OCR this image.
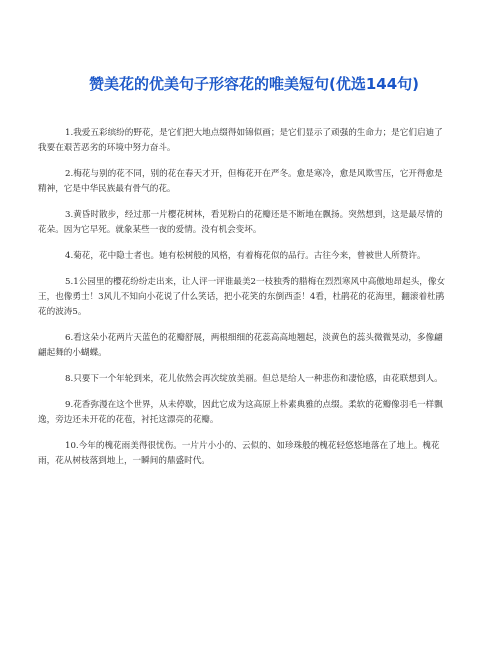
赞美花的优美句子形容花的唯美短句(优选144句)

1.我爱五彩缤纷的野花，是它们把大地点缀得如锦似画；是它们显示了顽强的生命力；是它们启迪了我要在艰苦恶劣的环境中努力奋斗。

2.梅花与别的花不同，别的花在春天才开，但梅花开在严冬。愈是寒冷，愈是风欺雪压，它开得愈是精神，它是中华民族最有骨气的花。

3.黄昏时散步，经过那一片樱花树林，看见粉白的花瓣还是不断地在飘扬。突然想到，这是最尽情的花朵。因为它早死。就象某些一夜的爱情。没有机会变坏。

4.菊花，花中隐士者也。她有松树般的风格，有着梅花似的品行。古往今来，曾被世人所赞许。

5.1公园里的樱花纷纷走出来，让人评一评谁最美2一枝独秀的腊梅在烈烈寒风中高傲地昂起头，像女王，也像勇士！3风儿不知向小花说了什么笑话，把小花笑的东倒西歪！4看，杜鹃花的花海里，翻滚着杜鹃花的波涛5。

6.看这朵小花两片天蓝色的花瓣舒展，两根细细的花蕊高高地翘起，淡黄色的蕊头微微晃动，多像翩翩起舞的小蝴蝶。

8.只要下一个年轮到来，花儿依然会再次绽放美丽。但总是给人一种悲伤和凄怆感，由花联想到人。

9.花香弥漫在这个世界，从未停歇，因此它成为这高原上朴素典雅的点缀。柔软的花瓣像羽毛一样飘逸，旁边还未开花的花苞，衬托这漂亮的花瓣。

10.今年的槐花雨美得很忧伤。一片片小小的、云似的、如珍珠般的槐花轻悠悠地落在了地上。槐花雨，花从树枝落到地上，一瞬间的鼎盛时代。
